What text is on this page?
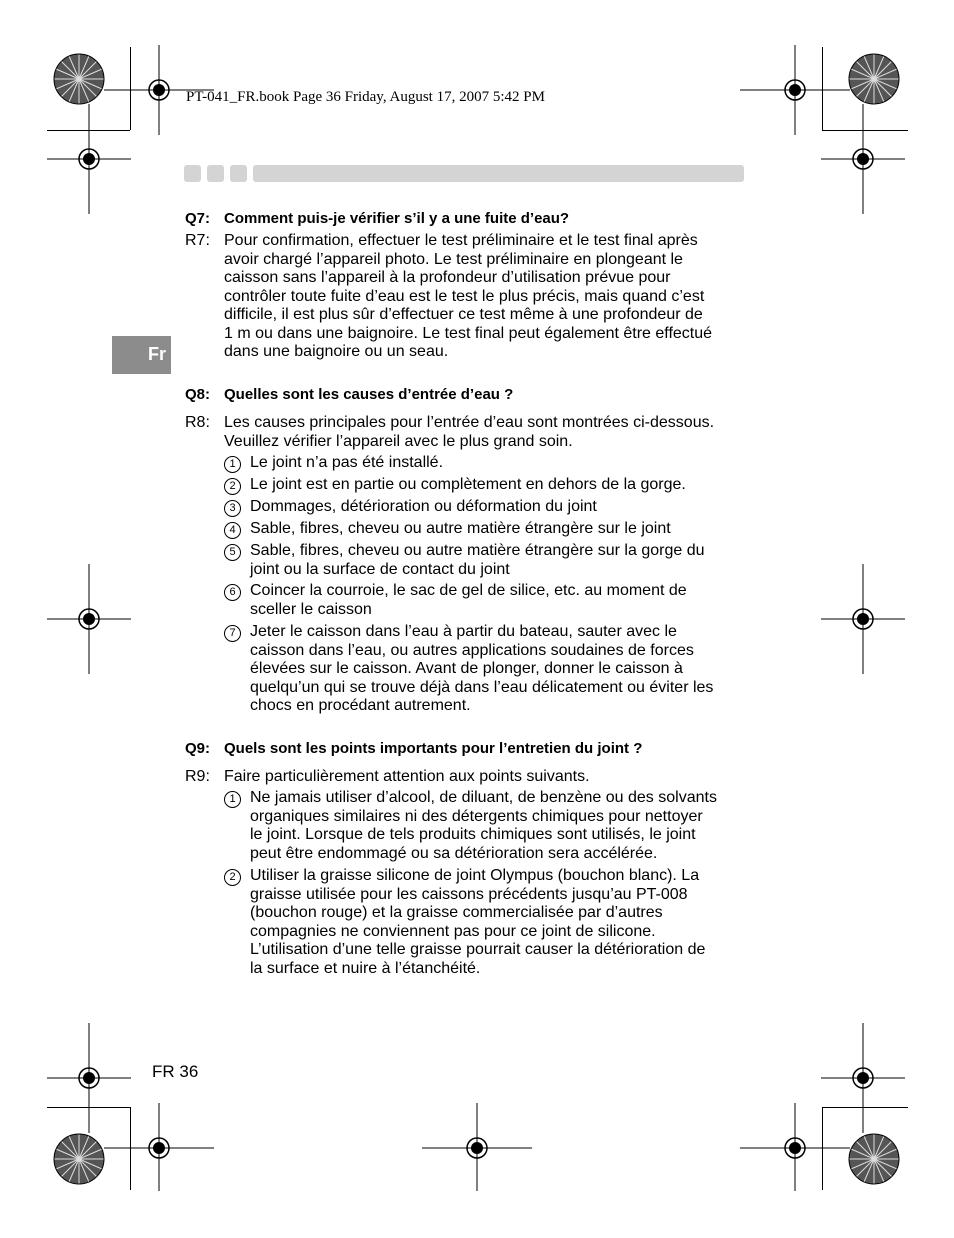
PT-041_FR.book Page 36 Friday, August 17, 2007 5:42 PM
Fr
Q7: Comment puis-je vérifier s’il y a une fuite d’eau?
R7: Pour confirmation, effectuer le test préliminaire et le test final après
avoir chargé l’appareil photo. Le test préliminaire en plongeant le
caisson sans l’appareil à la profondeur d’utilisation prévue pour
contrôler toute fuite d’eau est le test le plus précis, mais quand c’est
difficile, il est plus sûr d’effectuer ce test même à une profondeur de
1 m ou dans une baignoire. Le test final peut également être effectué
dans une baignoire ou un seau.
Q8: Quelles sont les causes d’entrée d’eau ?
R8: Les causes principales pour l’entrée d’eau sont montrées ci-dessous.
Veuillez vérifier l’appareil avec le plus grand soin.
1 Le joint n’a pas été installé.
2 Le joint est en partie ou complètement en dehors de la gorge.
3 Dommages, détérioration ou déformation du joint
4 Sable, fibres, cheveu ou autre matière étrangère sur le joint
5 Sable, fibres, cheveu ou autre matière étrangère sur la gorge du
joint ou la surface de contact du joint
6 Coincer la courroie, le sac de gel de silice, etc. au moment de
sceller le caisson
7 Jeter le caisson dans l’eau à partir du bateau, sauter avec le
caisson dans l’eau, ou autres applications soudaines de forces
élevées sur le caisson. Avant de plonger, donner le caisson à
quelqu’un qui se trouve déjà dans l’eau délicatement ou éviter les
chocs en procédant autrement.
Q9: Quels sont les points importants pour l’entretien du joint ?
R9: Faire particulièrement attention aux points suivants.
1 Ne jamais utiliser d’alcool, de diluant, de benzène ou des solvants
organiques similaires ni des détergents chimiques pour nettoyer
le joint. Lorsque de tels produits chimiques sont utilisés, le joint
peut être endommagé ou sa détérioration sera accélérée.
2 Utiliser la graisse silicone de joint Olympus (bouchon blanc). La
graisse utilisée pour les caissons précédents jusqu’au PT-008
(bouchon rouge) et la graisse commercialisée par d’autres
compagnies ne conviennent pas pour ce joint de silicone.
L’utilisation d’une telle graisse pourrait causer la détérioration de
la surface et nuire à l’étanchéité.
FR 36
